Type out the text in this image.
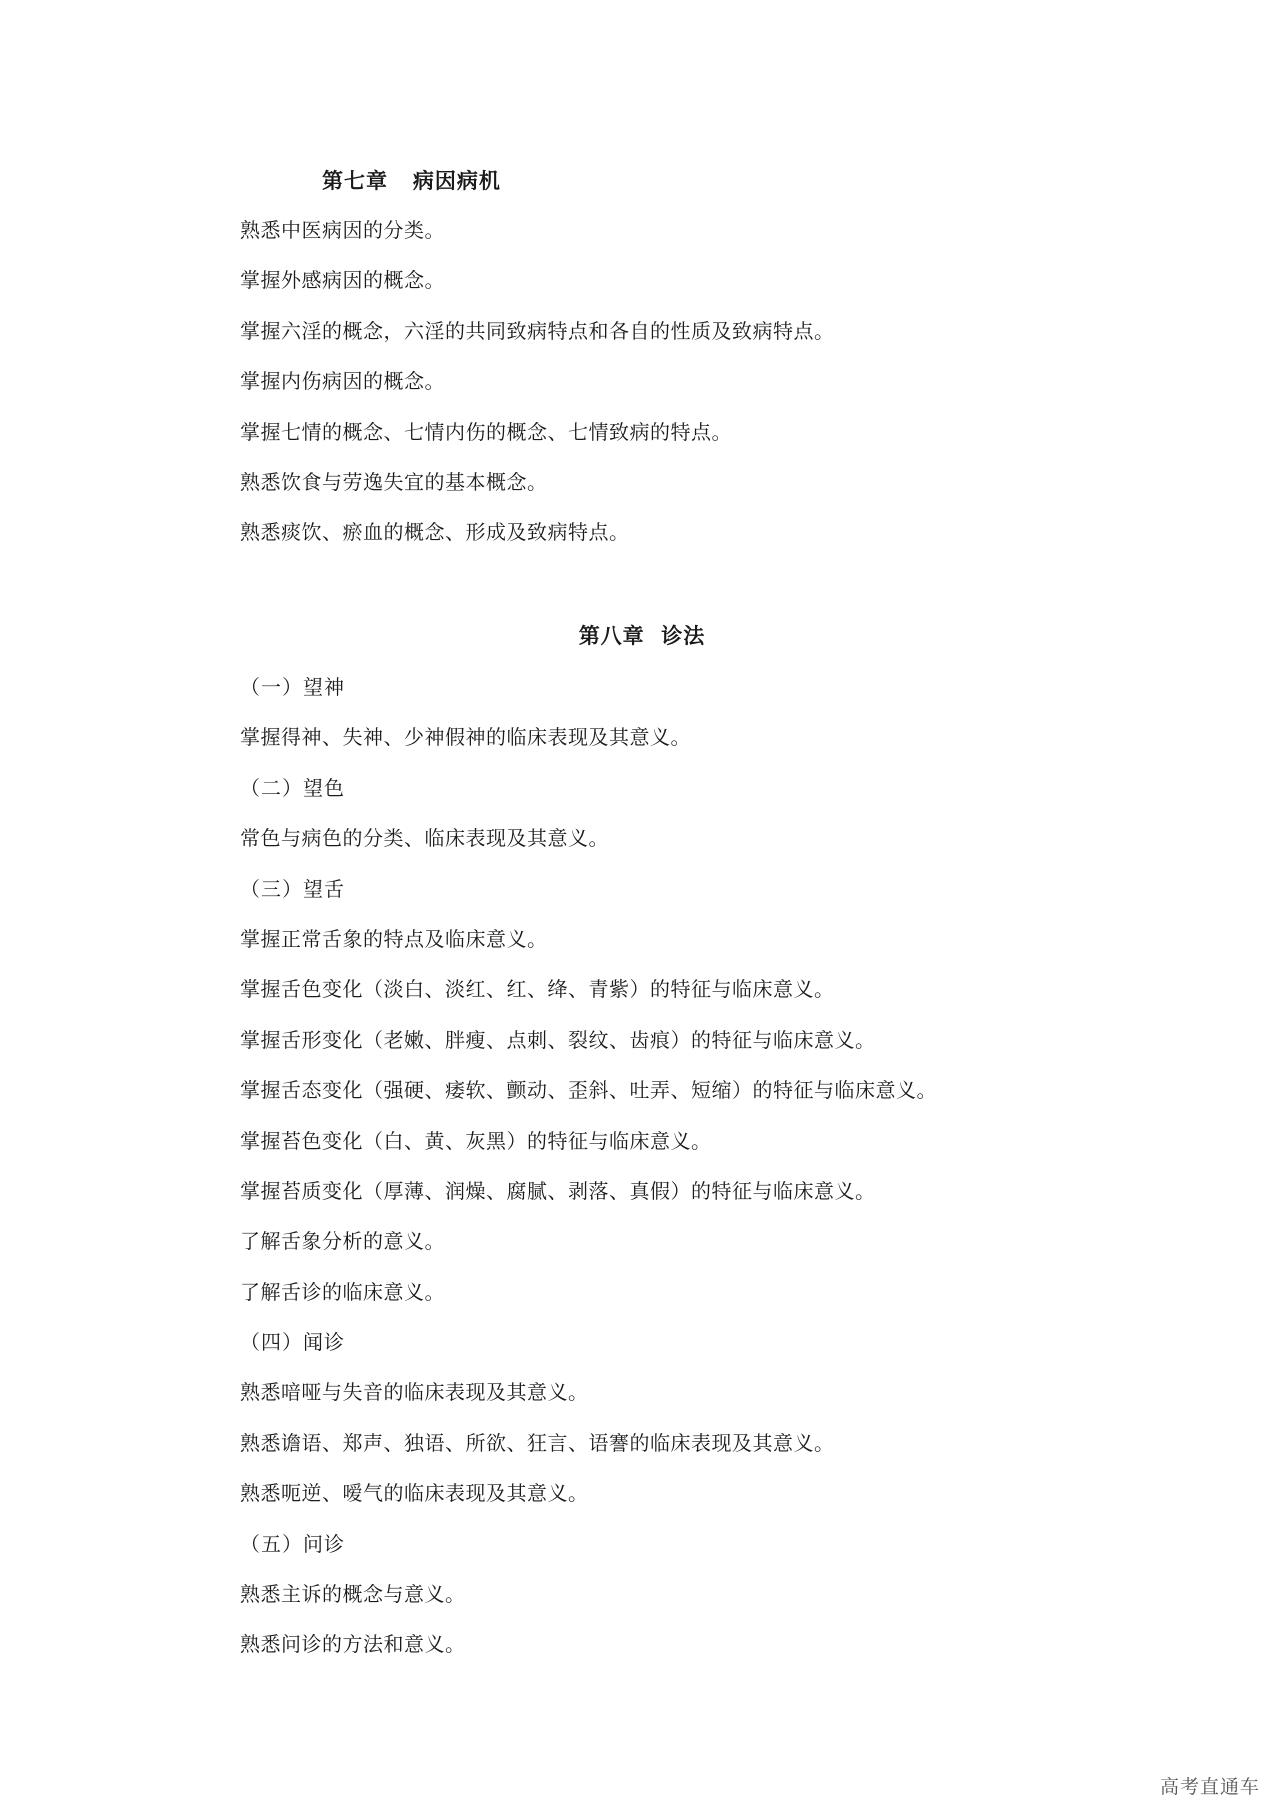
第七章   病因病机
熟悉中医病因的分类。
掌握外感病因的概念。
掌握六淫的概念，六淫的共同致病特点和各自的性质及致病特点。
掌握内伤病因的概念。
掌握七情的概念、七情内伤的概念、七情致病的特点。
熟悉饮食与劳逸失宜的基本概念。
熟悉痰饮、瘀血的概念、形成及致病特点。
第八章  诊法
（一）望神
掌握得神、失神、少神假神的临床表现及其意义。
（二）望色
常色与病色的分类、临床表现及其意义。
（三）望舌
掌握正常舌象的特点及临床意义。
掌握舌色变化（淡白、淡红、红、绛、青紫）的特征与临床意义。
掌握舌形变化（老嫩、胖瘦、点刺、裂纹、齿痕）的特征与临床意义。
掌握舌态变化（强硬、痿软、颤动、歪斜、吐弄、短缩）的特征与临床意义。
掌握苔色变化（白、黄、灰黑）的特征与临床意义。
掌握苔质变化（厚薄、润燥、腐腻、剥落、真假）的特征与临床意义。
了解舌象分析的意义。
了解舌诊的临床意义。
（四）闻诊
熟悉喑哑与失音的临床表现及其意义。
熟悉谵语、郑声、独语、所欲、狂言、语謇的临床表现及其意义。
熟悉呃逆、嗳气的临床表现及其意义。
（五）问诊
熟悉主诉的概念与意义。
熟悉问诊的方法和意义。
高考直通车
